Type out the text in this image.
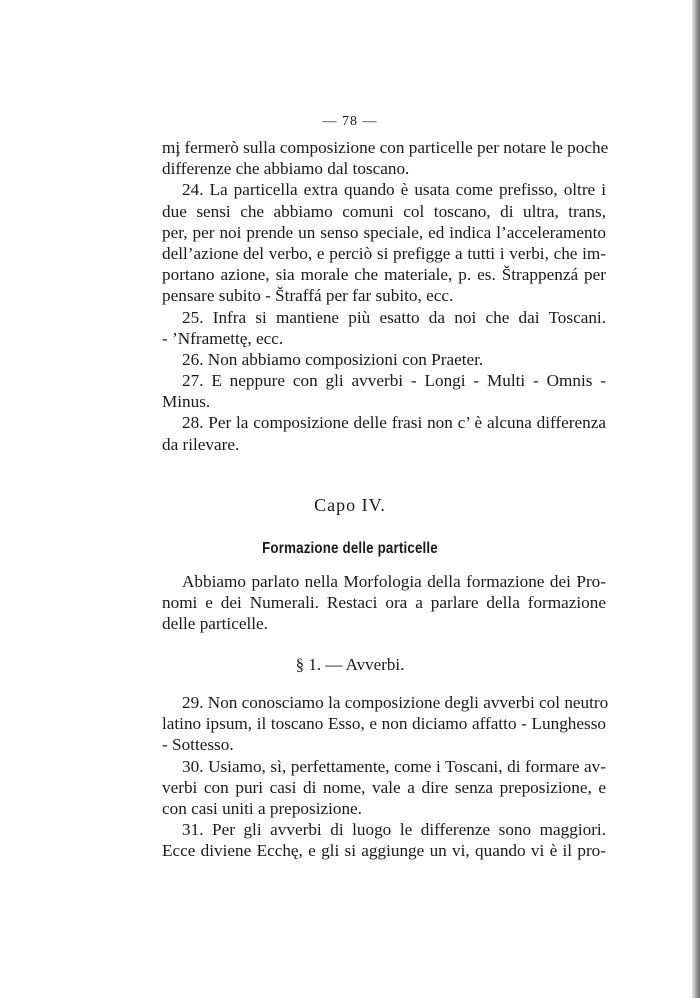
— 78 —
mi fermerò sulla composizione con particelle per notare le poche
differenze che abbiamo dal toscano.
24. La particella extra quando è usata come prefisso, oltre i
due sensi che abbiamo comuni col toscano, di ultra, trans,
per, per noi prende un senso speciale, ed indica l’acceleramento
dell’azione del verbo, e perciò si prefigge a tutti i verbi, che im-
portano azione, sia morale che materiale, p. es. Štrappenzá per
pensare subito - Štraffá per far subito, ecc.
25. Infra si mantiene più esatto da noi che dai Toscani.
- ’Nframettę, ecc.
26. Non abbiamo composizioni con Praeter.
27. E neppure con gli avverbi - Longi - Multi - Omnis -
Minus.
28. Per la composizione delle frasi non c’ è alcuna differenza
da rilevare.
Capo IV.
Formazione delle particelle
Abbiamo parlato nella Morfologia della formazione dei Pro-
nomi e dei Numerali. Restaci ora a parlare della formazione
delle particelle.
§ 1. — Avverbi.
29. Non conosciamo la composizione degli avverbi col neutro
latino ipsum, il toscano Esso, e non diciamo affatto - Lunghesso
- Sottesso.
30. Usiamo, sì, perfettamente, come i Toscani, di formare av-
verbi con puri casi di nome, vale a dire senza preposizione, e
con casi uniti a preposizione.
31. Per gli avverbi di luogo le differenze sono maggiori.
Ecce diviene Ecchę, e gli si aggiunge un vi, quando vi è il pro-
